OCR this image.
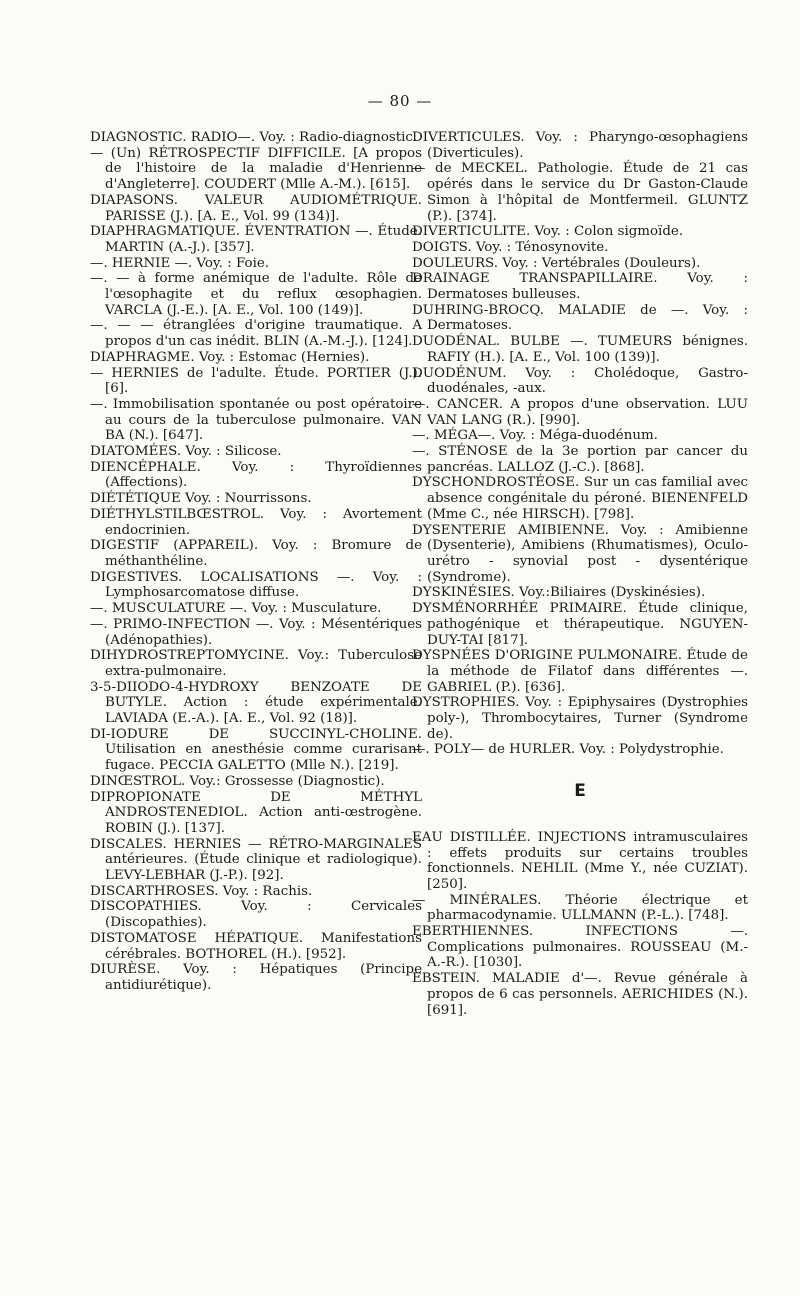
— 80 —

DIAGNOSTIC. RADIO—. Voy. : Radio-diagnostic.

— (Un) RÉTROSPECTIF DIFFICILE. [A propos de l'histoire de la maladie d'Henrienne d'Angleterre]. COUDERT (Mlle A.-M.). [615].

DIAPASONS. VALEUR AUDIOMÉTRIQUE. PARISSE (J.). [A. E., Vol. 99 (134)].

DIAPHRAGMATIQUE. ÉVENTRATION —. Étude. MARTIN (A.-J.). [357].

—. HERNIE —. Voy. : Foie.

—. — à forme anémique de l'adulte. Rôle de l'œsophagite et du reflux œsophagien. VARCLA (J.-E.). [A. E., Vol. 100 (149)].

—. — — étranglées d'origine traumatique. A propos d'un cas inédit. BLIN (A.-M.-J.). [124].

DIAPHRAGME. Voy. : Estomac (Hernies).

— HERNIES de l'adulte. Étude. PORTIER (J.). [6].

—. Immobilisation spontanée ou post opératoire au cours de la tuberculose pulmonaire. VAN BA (N.). [647].

DIATOMÉES. Voy. : Silicose.

DIENCÉPHALE. Voy. : Thyroïdiennes (Affections).

DIÉTÉTIQUE Voy. : Nourrissons.

DIÉTHYLSTILBŒSTROL. Voy. : Avortement endocrinien.

DIGESTIF (APPAREIL). Voy. : Bromure de méthanthéline.

DIGESTIVES. LOCALISATIONS —. Voy. : Lymphosarcomatose diffuse.

—. MUSCULATURE —. Voy. : Musculature.

—. PRIMO-INFECTION —. Voy. : Mésentériques (Adénopathies).

DIHYDROSTREPTOMYCINE. Voy.: Tuberculose extra-pulmonaire.

3-5-DIIODO-4-HYDROXY BENZOATE DE BUTYLE. Action : étude expérimentale. LAVIADA (E.-A.). [A. E., Vol. 92 (18)].

DI-IODURE DE SUCCINYL-CHOLINE. Utilisation en anesthésie comme curarisant fugace. PECCIA GALETTO (Mlle N.). [219].

DINŒSTROL. Voy.: Grossesse (Diagnostic).

DIPROPIONATE DE MÉTHYL ANDROSTENEDIOL. Action anti-œstrogène. ROBIN (J.). [137].

DISCALES. HERNIES — RÉTRO-MARGINALES antérieures. (Étude clinique et radiologique). LEVY-LEBHAR (J.-P.). [92].

DISCARTHROSES. Voy. : Rachis.

DISCOPATHIES. Voy. : Cervicales (Discopathies).

DISTOMATOSE HÉPATIQUE. Manifestations cérébrales. BOTHOREL (H.). [952].

DIURÈSE. Voy. : Hépatiques (Principe antidiurétique).

DIVERTICULES. Voy. : Pharyngo-œsophagiens (Diverticules).

— de MECKEL. Pathologie. Étude de 21 cas opérés dans le service du Dr Gaston-Claude Simon à l'hôpital de Montfermeil. GLUNTZ (P.). [374].

DIVERTICULITE. Voy. : Colon sigmoïde.

DOIGTS. Voy. : Ténosynovite.

DOULEURS. Voy. : Vertébrales (Douleurs).

DRAINAGE TRANSPAPILLAIRE. Voy. : Dermatoses bulleuses.

DUHRING-BROCQ. MALADIE de —. Voy. : Dermatoses.

DUODÉNAL. BULBE —. TUMEURS bénignes. RAFIY (H.). [A. E., Vol. 100 (139)].

DUODÉNUM. Voy. : Cholédoque, Gastro-duodénales, -aux.

—. CANCER. A propos d'une observation. LUU VAN LANG (R.). [990].

—. MÉGA—. Voy. : Méga-duodénum.

—. STÉNOSE de la 3e portion par cancer du pancréas. LALLOZ (J.-C.). [868].

DYSCHONDROSTÉOSE. Sur un cas familial avec absence congénitale du péroné. BIENENFELD (Mme C., née HIRSCH). [798].

DYSENTERIE AMIBIENNE. Voy. : Amibienne (Dysenterie), Amibiens (Rhumatismes), Oculo-urétro - synovial post - dysentérique (Syndrome).

DYSKINÉSIES. Voy.:Biliaires (Dyskinésies).

DYSMÉNORRHÉE PRIMAIRE. Étude clinique, pathogénique et thérapeutique. NGUYEN-DUY-TAI [817].

DYSPNÉES D'ORIGINE PULMONAIRE. Étude de la méthode de Filatof dans différentes —. GABRIEL (P.). [636].

DYSTROPHIES. Voy. : Epiphysaires (Dystrophies poly-), Thrombocytaires, Turner (Syndrome de).

—. POLY— de HURLER. Voy. : Polydystrophie.

E

EAU DISTILLÉE. INJECTIONS intramusculaires : effets produits sur certains troubles fonctionnels. NEHLIL (Mme Y., née CUZIAT). [250].

— MINÉRALES. Théorie électrique et pharmacodynamie. ULLMANN (P.-L.). [748].

EBERTHIENNES. INFECTIONS —. Complications pulmonaires. ROUSSEAU (M.-A.-R.). [1030].

EBSTEIN. MALADIE d'—. Revue générale à propos de 6 cas personnels. AERICHIDES (N.). [691].
